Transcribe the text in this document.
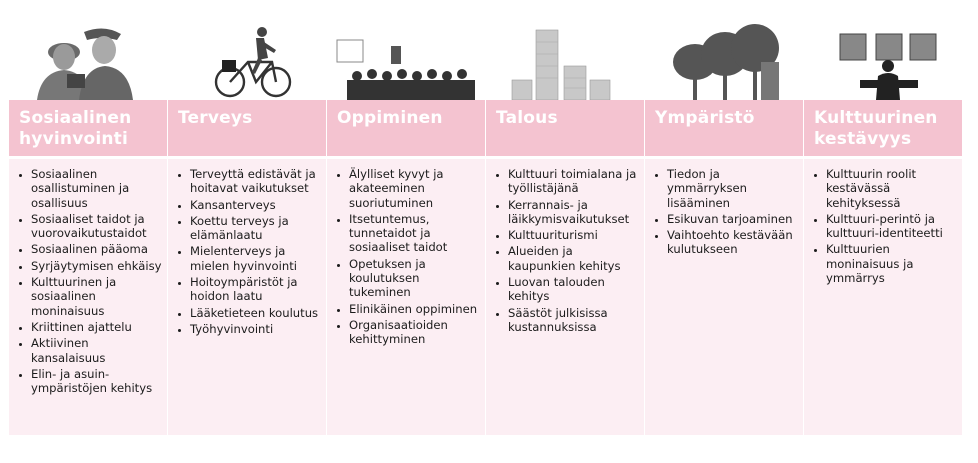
Sosiaalinen hyvinvointi
• Sosiaalinen osallistuminen ja osallisuus
• Sosiaaliset taidot ja vuorovaikutustaidot
• Sosiaalinen pääoma
• Syrjäytymisen ehkäisy
• Kulttuurinen ja sosiaalinen moninaisuus
• Kriittinen ajattelu
• Aktiivinen kansalaisuus
• Elin- ja asuin-ympäristöjen kehitys
Terveys
• Terveyttä edistävät ja hoitavat vaikutukset
• Kansanterveys
• Koettu terveys ja elämänlaatu
• Mielenterveys ja mielen hyvinvointi
• Hoitoympäristöt ja hoidon laatu
• Lääketieteen koulutus
• Työhyvinvointi
Oppiminen
• Älylliset kyvyt ja akateeminen suoriutuminen
• Itsetuntemus, tunnetaidot ja sosiaaliset taidot
• Opetuksen ja koulutuksen tukeminen
• Elinikäinen oppiminen
• Organisaatioiden kehittyminen
Talous
• Kulttuuri toimialana ja työllistäjänä
• Kerrannais- ja läikkymisvaikutukset
• Kulttuuriturismi
• Alueiden ja kaupunkien kehitys
• Luovan talouden kehitys
• Säästöt julkisissa kustannuksissa
Ympäristö
• Tiedon ja ymmärryksen lisääminen
• Esikuvan tarjoaminen
• Vaihtoehto kestävään kulutukseen
Kulttuurinen kestävyys
• Kulttuurin roolit kestävässä kehityksessä
• Kulttuuri-perintö ja kulttuuri-identiteetti
• Kulttuurien moninaisuus ja ymmärrys
